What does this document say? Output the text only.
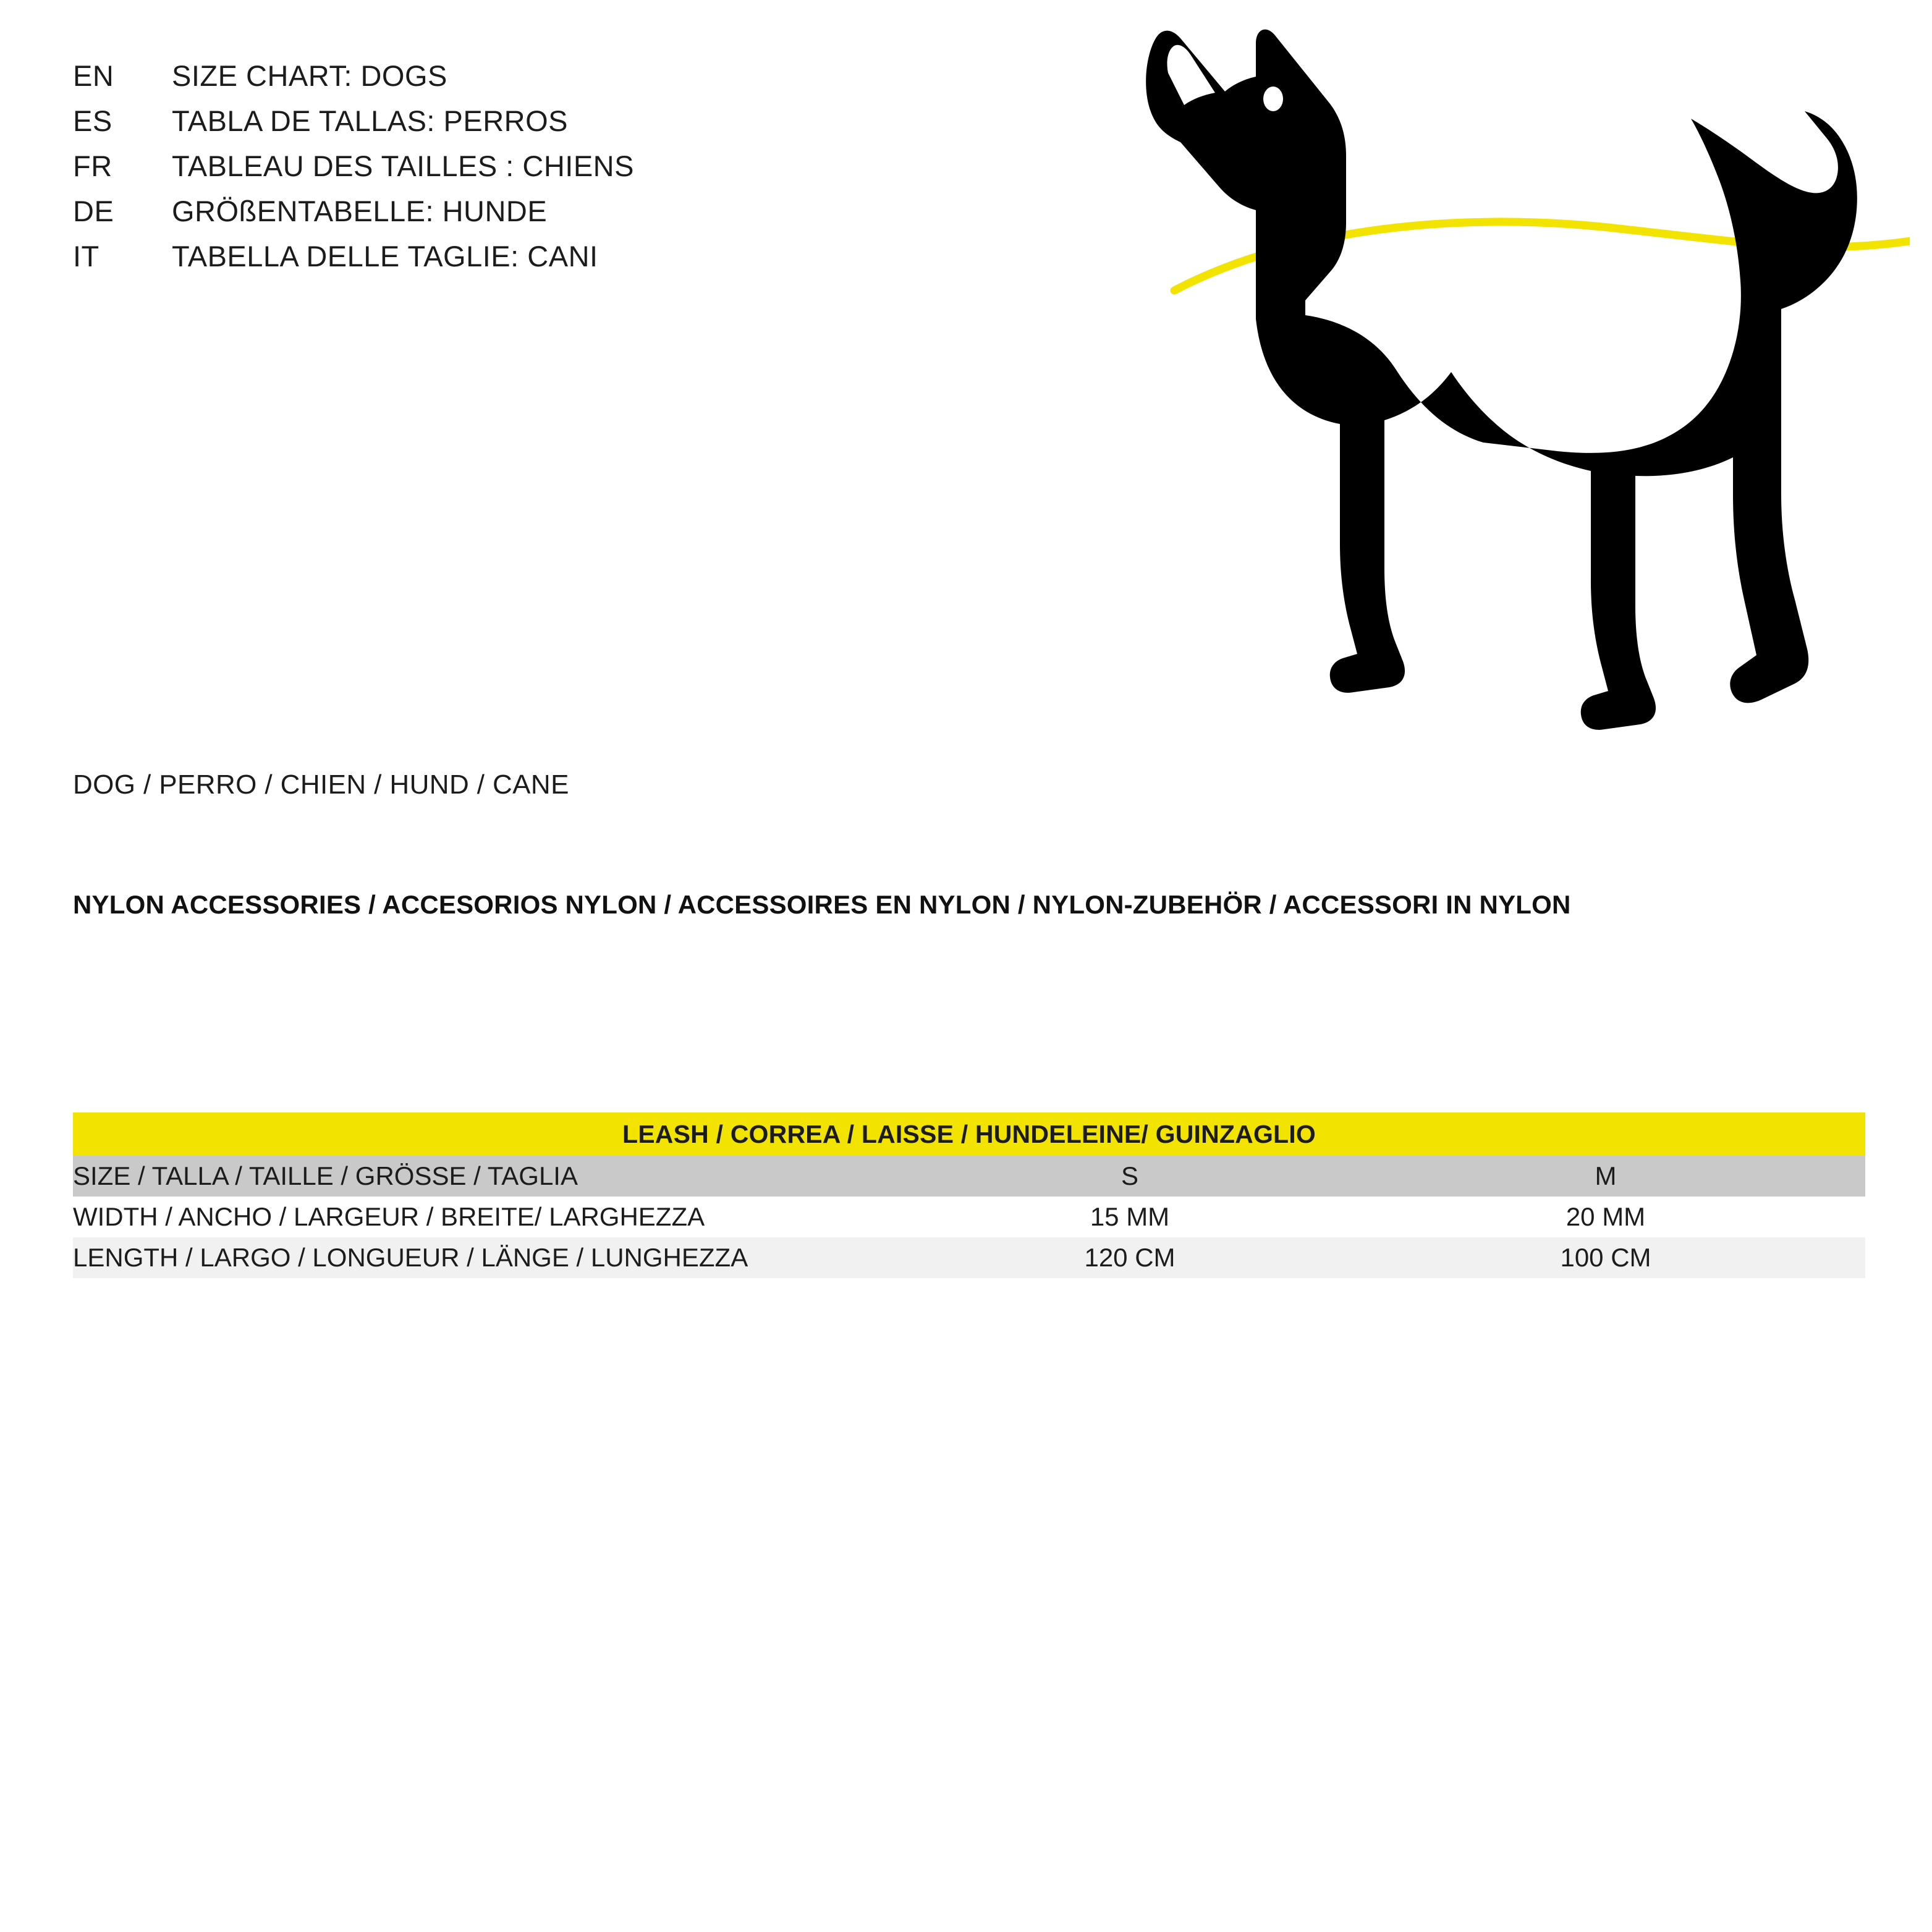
EN	SIZE CHART: DOGS
ES	TABLA DE TALLAS: PERROS
FR	TABLEAU DES TAILLES : CHIENS
DE	GRÖßENTABELLE: HUNDE
IT	TABELLA DELLE TAGLIE: CANI
DOG / PERRO / CHIEN / HUND / CANE
NYLON ACCESSORIES / ACCESORIOS NYLON / ACCESSOIRES EN NYLON / NYLON-ZUBEHÖR / ACCESSORI IN NYLON
LEASH / CORREA / LAISSE / HUNDELEINE/ GUINZAGLIO		
SIZE / TALLA / TAILLE / GRÖSSE / TAGLIA	S	M
WIDTH / ANCHO / LARGEUR / BREITE/ LARGHEZZA	15 MM	20 MM
LENGTH / LARGO / LONGUEUR / LÄNGE / LUNGHEZZA	120 CM	100 CM
